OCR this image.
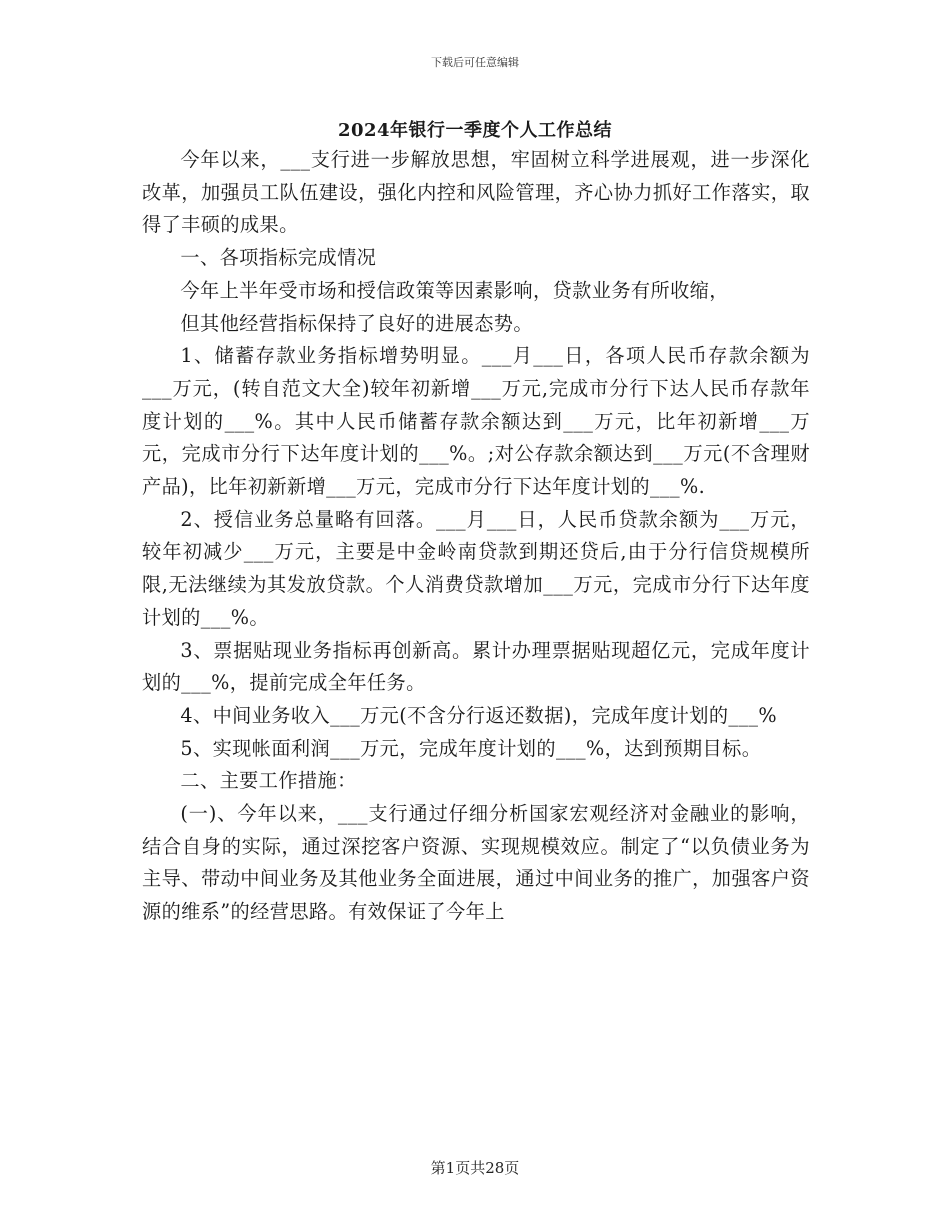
下载后可任意编辑
2024年银行一季度个人工作总结

今年以来，___支行进一步解放思想，牢固树立科学进展观，进一步深化改革，加强员工队伍建设，强化内控和风险管理，齐心协力抓好工作落实，取得了丰硕的成果。

一、各项指标完成情况

今年上半年受市场和授信政策等因素影响，贷款业务有所收缩，

但其他经营指标保持了良好的进展态势。

1、储蓄存款业务指标增势明显。___月___日，各项人民币存款余额为___万元，(转自范文大全)较年初新增___万元,完成市分行下达人民币存款年度计划的___%。其中人民币储蓄存款余额达到___万元，比年初新增___万元，完成市分行下达年度计划的___%。;对公存款余额达到___万元(不含理财产品)，比年初新新增___万元，完成市分行下达年度计划的___%.

2、授信业务总量略有回落。___月___日，人民币贷款余额为___万元，较年初减少___万元，主要是中金岭南贷款到期还贷后,由于分行信贷规模所限,无法继续为其发放贷款。个人消费贷款增加___万元，完成市分行下达年度计划的___%。

3、票据贴现业务指标再创新高。累计办理票据贴现超亿元，完成年度计划的___%，提前完成全年任务。

4、中间业务收入___万元(不含分行返还数据)，完成年度计划的___%

5、实现帐面利润___万元，完成年度计划的___%，达到预期目标。

二、主要工作措施：

(一)、今年以来，___支行通过仔细分析国家宏观经济对金融业的影响，结合自身的实际，通过深挖客户资源、实现规模效应。制定了“以负债业务为主导、带动中间业务及其他业务全面进展，通过中间业务的推广，加强客户资源的维系”的经营思路。有效保证了今年上

第1页共28页
